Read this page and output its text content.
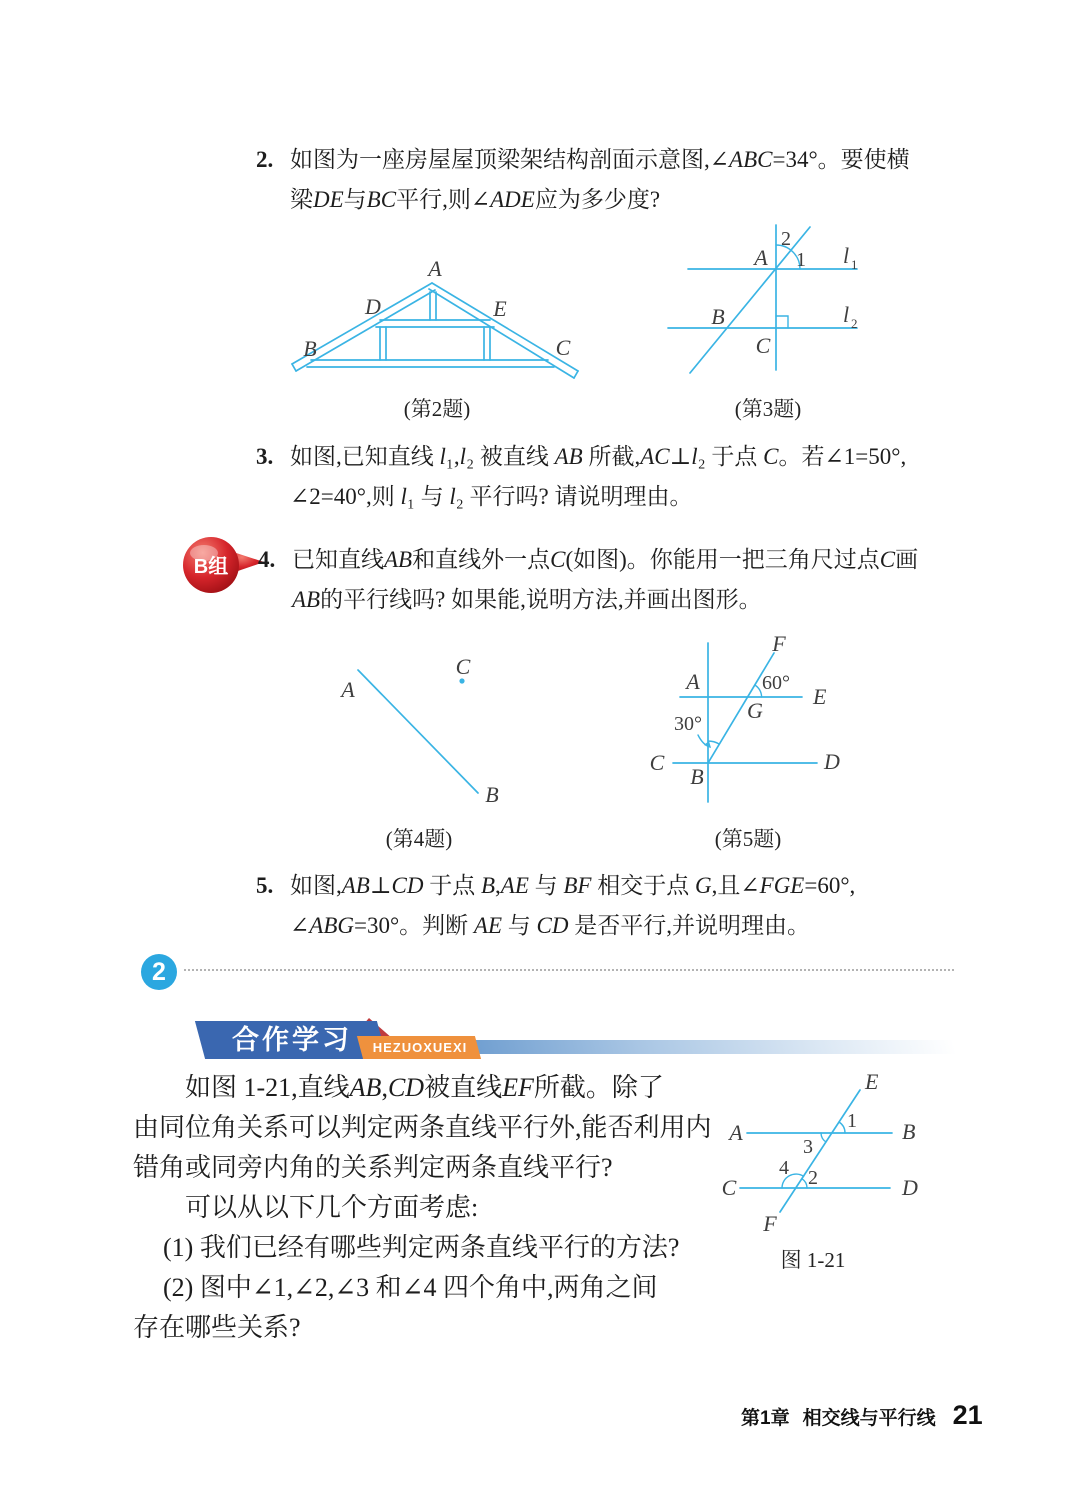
2. 如图为一座房屋屋顶梁架结构剖面示意图,∠ABC=34°。要使横
梁DE与BC平行,则∠ADE应为多少度?
A
D	E
B	C
(第2题)
A
2
1 l 1
l 2
B
C
(第3题)
3. 如图,已知直线 l₁,l₂ 被直线 AB 所截,AC⊥l₂ 于点 C。若∠1=50°,
∠2=40°,则 l₁ 与 l₂ 平行吗? 请说明理由。
B组 4. 已知直线AB和直线外一点C(如图)。你能用一把三角尺过点C画
AB的平行线吗? 如果能,说明方法,并画出图形。
A
B
C
(第4题)
F
A	60°
E
G
30°
C	D
B
(第5题)
5. 如图,AB⊥CD 于点 B,AE 与 BF 相交于点 G,且∠FGE=60°,
∠ABG=30°。判断 AE 与 CD 是否平行,并说明理由。
2
合作学习	HEZUOXUEXI
如图 1-21,直线AB,CD被直线EF所截。除了
由同位角关系可以判定两条直线平行外,能否利用内
错角或同旁内角的关系判定两条直线平行?
可以从以下几个方面考虑:
(1) 我们已经有哪些判定两条直线平行的方法?
(2) 图中∠1,∠2,∠3 和∠4 四个角中,两角之间
存在哪些关系?
E
A	B
1
3
4 2
C	D
F
图 1-21
第1章 相交线与平行线 21
